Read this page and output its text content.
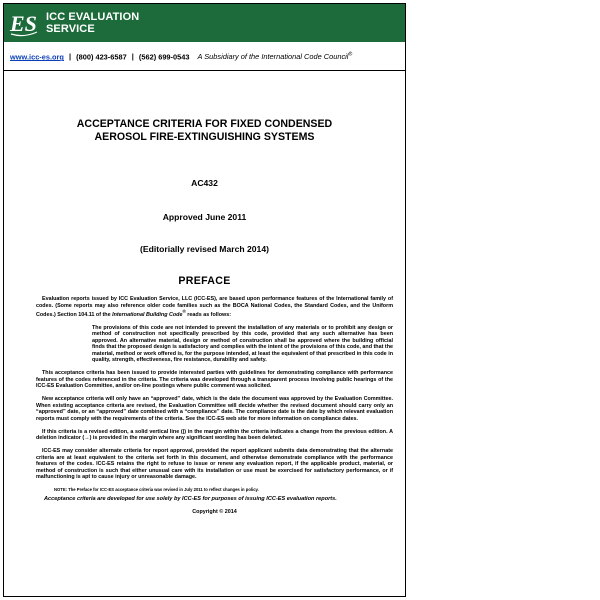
ES ICC EVALUATION
SERVICE
www.icc-es.org | (800) 423-6587 | (562) 699-0543 A Subsidiary of the International Code Council®
ACCEPTANCE CRITERIA FOR FIXED CONDENSED
AEROSOL FIRE-EXTINGUISHING SYSTEMS
AC432
Approved June 2011
(Editorially revised March 2014)
PREFACE

Evaluation reports issued by ICC Evaluation Service, LLC (ICC-ES), are based upon performance features of the International family of codes. (Some reports may also reference older code families such as the BOCA National Codes, the Standard Codes, and the Uniform Codes.) Section 104.11 of the International Building Code® reads as follows:

The provisions of this code are not intended to prevent the installation of any materials or to prohibit any design or method of construction not specifically prescribed by this code, provided that any such alternative has been approved. An alternative material, design or method of construction shall be approved where the building official finds that the proposed design is satisfactory and complies with the intent of the provisions of this code, and that the material, method or work offered is, for the purpose intended, at least the equivalent of that prescribed in this code in quality, strength, effectiveness, fire resistance, durability and safety.

This acceptance criteria has been issued to provide interested parties with guidelines for demonstrating compliance with performance features of the codes referenced in the criteria. The criteria was developed through a transparent process involving public hearings of the ICC-ES Evaluation Committee, and/or on-line postings where public comment was solicited.

New acceptance criteria will only have an “approved” date, which is the date the document was approved by the Evaluation Committee. When existing acceptance criteria are revised, the Evaluation Committee will decide whether the revised document should carry only an “approved” date, or an “approved” date combined with a “compliance” date. The compliance date is the date by which relevant evaluation reports must comply with the requirements of the criteria. See the ICC-ES web site for more information on compliance dates.

If this criteria is a revised edition, a solid vertical line (|) in the margin within the criteria indicates a change from the previous edition. A deletion indicator (→) is provided in the margin where any significant wording has been deleted.

ICC-ES may consider alternate criteria for report approval, provided the report applicant submits data demonstrating that the alternate criteria are at least equivalent to the criteria set forth in this document, and otherwise demonstrate compliance with the performance features of the codes. ICC-ES retains the right to refuse to issue or renew any evaluation report, if the applicable product, material, or method of construction is such that either unusual care with its installation or use must be exercised for satisfactory performance, or if malfunctioning is apt to cause injury or unreasonable damage.

NOTE: The Preface for ICC-ES acceptance criteria was revised in July 2011 to reflect changes in policy.

Acceptance criteria are developed for use solely by ICC-ES for purposes of issuing ICC-ES evaluation reports.

Copyright © 2014
